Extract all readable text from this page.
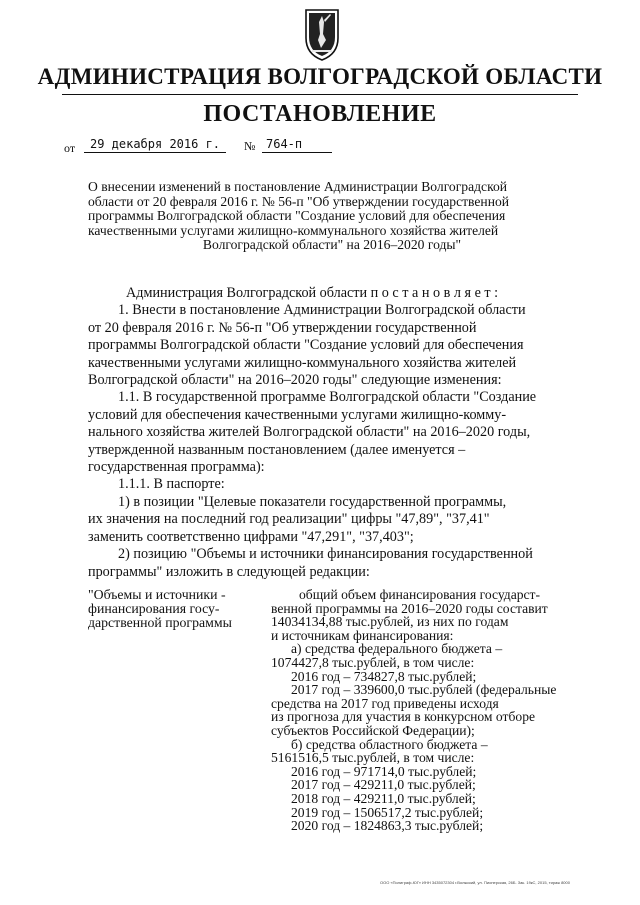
АДМИНИСТРАЦИЯ ВОЛГОГРАДСКОЙ ОБЛАСТИ
ПОСТАНОВЛЕНИЕ
от	29 декабря 2016 г.	№ 764-п
О внесении изменений в постановление Администрации Волгоградской
области от 20 февраля 2016 г. № 56-п "Об утверждении государственной
программы Волгоградской области "Создание условий для обеспечения
качественными услугами жилищно-коммунального хозяйства жителей
Волгоградской области" на 2016–2020 годы"
Администрация Волгоградской области п о с т а н о в л я е т :
1. Внести в постановление Администрации Волгоградской области
от 20 февраля 2016 г. № 56-п "Об утверждении государственной
программы Волгоградской области "Создание условий для обеспечения
качественными услугами жилищно-коммунального хозяйства жителей
Волгоградской области" на 2016–2020 годы" следующие изменения:
1.1. В государственной программе Волгоградской области "Создание
условий для обеспечения качественными услугами жилищно-комму-
нального хозяйства жителей Волгоградской области" на 2016–2020 годы,
утвержденной названным постановлением (далее именуется –
государственная программа):
1.1.1. В паспорте:
1) в позиции "Целевые показатели государственной программы,
их значения на последний год реализации" цифры "47,89", "37,41"
заменить соответственно цифрами "47,291", "37,403";
2) позицию "Объемы и источники финансирования государственной
программы" изложить в следующей редакции:
"Объемы и источники -
финансирования госу-
дарственной программы
общий объем финансирования государст-
венной программы на 2016–2020 годы составит
14034134,88 тыс.рублей, из них по годам
и источникам финансирования:
а) средства федерального бюджета –
1074427,8 тыс.рублей, в том числе:
2016 год – 734827,8 тыс.рублей;
2017 год – 339600,0 тыс.рублей (федеральные
средства на 2017 год приведены исходя
из прогноза для участия в конкурсном отборе
субъектов Российской Федерации);
б) средства областного бюджета –
5161516,5 тыс.рублей, в том числе:
2016 год – 971714,0 тыс.рублей;
2017 год – 429211,0 тыс.рублей;
2018 год – 429211,0 тыс.рублей;
2019 год – 1506517,2 тыс.рублей;
2020 год – 1824863,3 тыс.рублей;
ООО «Полиграф-ЮГ» ИНН 3435072304 г.Волжский, ул. Пионерская, 26Б. Зак. 19кС, 2015, тираж 8000
